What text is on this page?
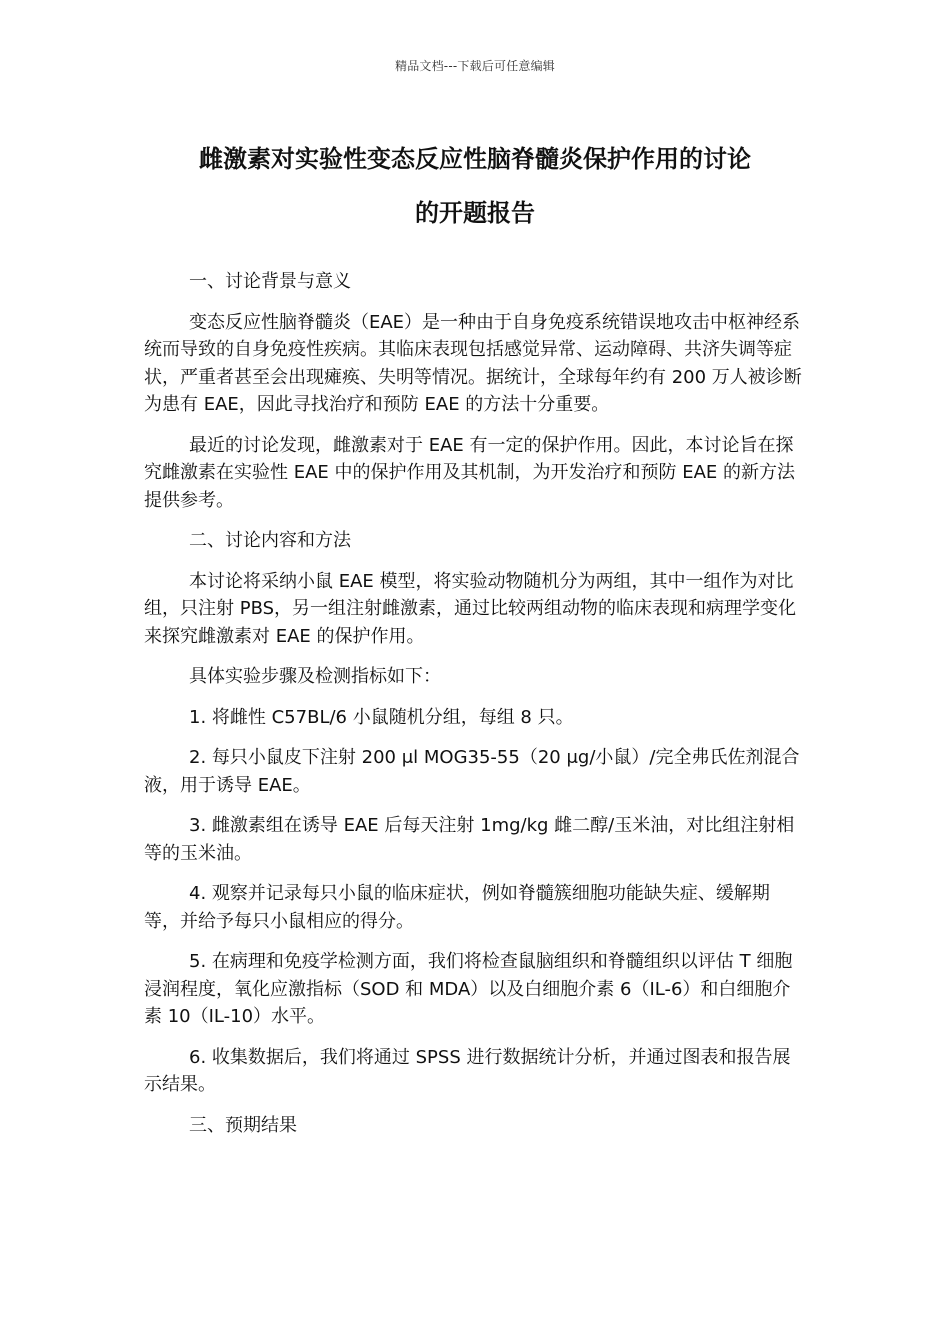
精品文档---下载后可任意编辑
雌激素对实验性变态反应性脑脊髓炎保护作用的讨论
的开题报告

一、讨论背景与意义

变态反应性脑脊髓炎（EAE）是一种由于自身免疫系统错误地攻击中枢神经系统而导致的自身免疫性疾病。其临床表现包括感觉异常、运动障碍、共济失调等症状，严重者甚至会出现瘫痪、失明等情况。据统计，全球每年约有 200 万人被诊断为患有 EAE，因此寻找治疗和预防 EAE 的方法十分重要。

最近的讨论发现，雌激素对于 EAE 有一定的保护作用。因此，本讨论旨在探究雌激素在实验性 EAE 中的保护作用及其机制，为开发治疗和预防 EAE 的新方法提供参考。

二、讨论内容和方法

本讨论将采纳小鼠 EAE 模型，将实验动物随机分为两组，其中一组作为对比组，只注射 PBS，另一组注射雌激素，通过比较两组动物的临床表现和病理学变化来探究雌激素对 EAE 的保护作用。

具体实验步骤及检测指标如下：

1. 将雌性 C57BL/6 小鼠随机分组，每组 8 只。

2. 每只小鼠皮下注射 200 μl MOG35-55（20 μg/小鼠）/完全弗氏佐剂混合液，用于诱导 EAE。

3. 雌激素组在诱导 EAE 后每天注射 1mg/kg 雌二醇/玉米油，对比组注射相等的玉米油。

4. 观察并记录每只小鼠的临床症状，例如脊髓簇细胞功能缺失症、缓解期等，并给予每只小鼠相应的得分。

5. 在病理和免疫学检测方面，我们将检查鼠脑组织和脊髓组织以评估 T 细胞浸润程度，氧化应激指标（SOD 和 MDA）以及白细胞介素 6（IL-6）和白细胞介素 10（IL-10）水平。

6. 收集数据后，我们将通过 SPSS 进行数据统计分析，并通过图表和报告展示结果。

三、预期结果
